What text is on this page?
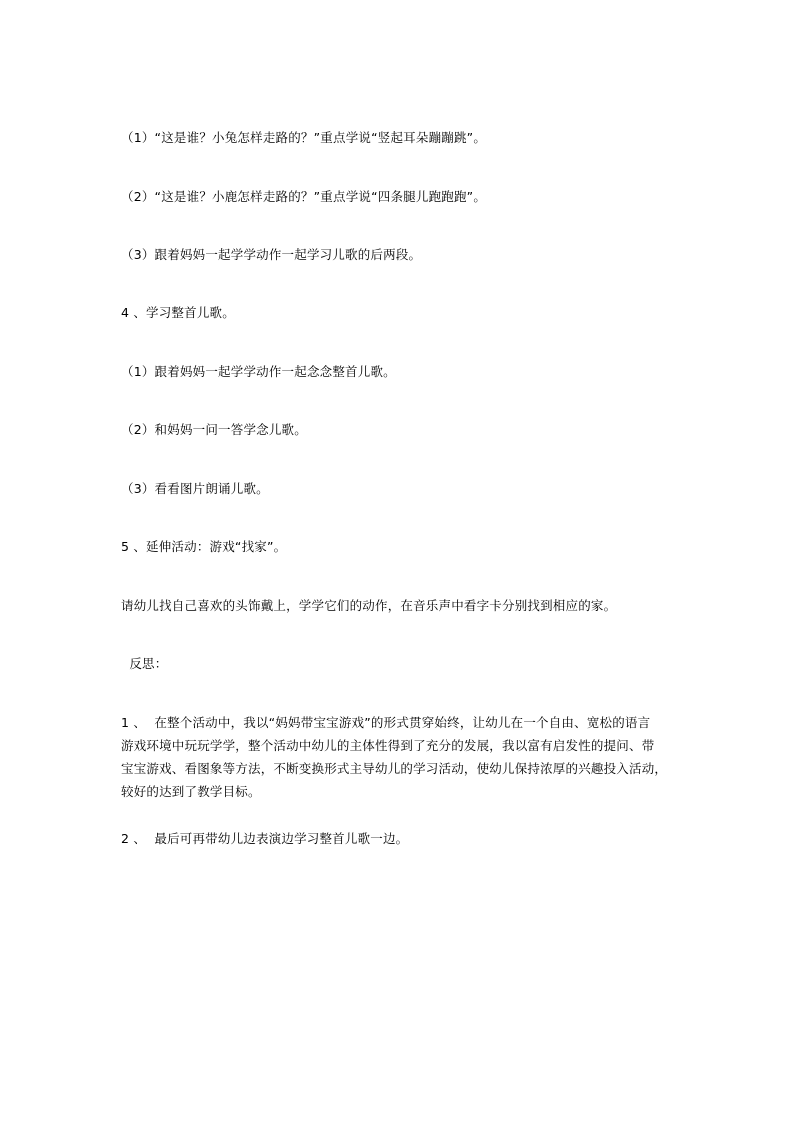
（1）“这是谁？小兔怎样走路的？”重点学说“竖起耳朵蹦蹦跳”。
（2）“这是谁？小鹿怎样走路的？”重点学说“四条腿儿跑跑跑”。
（3）跟着妈妈一起学学动作一起学习儿歌的后两段。
4 、学习整首儿歌。
（1）跟着妈妈一起学学动作一起念念整首儿歌。
（2）和妈妈一问一答学念儿歌。
（3）看看图片朗诵儿歌。
5 、延伸活动：游戏“找家”。
请幼儿找自己喜欢的头饰戴上，学学它们的动作，在音乐声中看字卡分别找到相应的家。
反思：
1 、  在整个活动中，我以“妈妈带宝宝游戏”的形式贯穿始终，让幼儿在一个自由、宽松的语言
游戏环境中玩玩学学，整个活动中幼儿的主体性得到了充分的发展，我以富有启发性的提问、带
宝宝游戏、看图象等方法，不断变换形式主导幼儿的学习活动，使幼儿保持浓厚的兴趣投入活动，
较好的达到了教学目标。
2 、  最后可再带幼儿边表演边学习整首儿歌一边。
